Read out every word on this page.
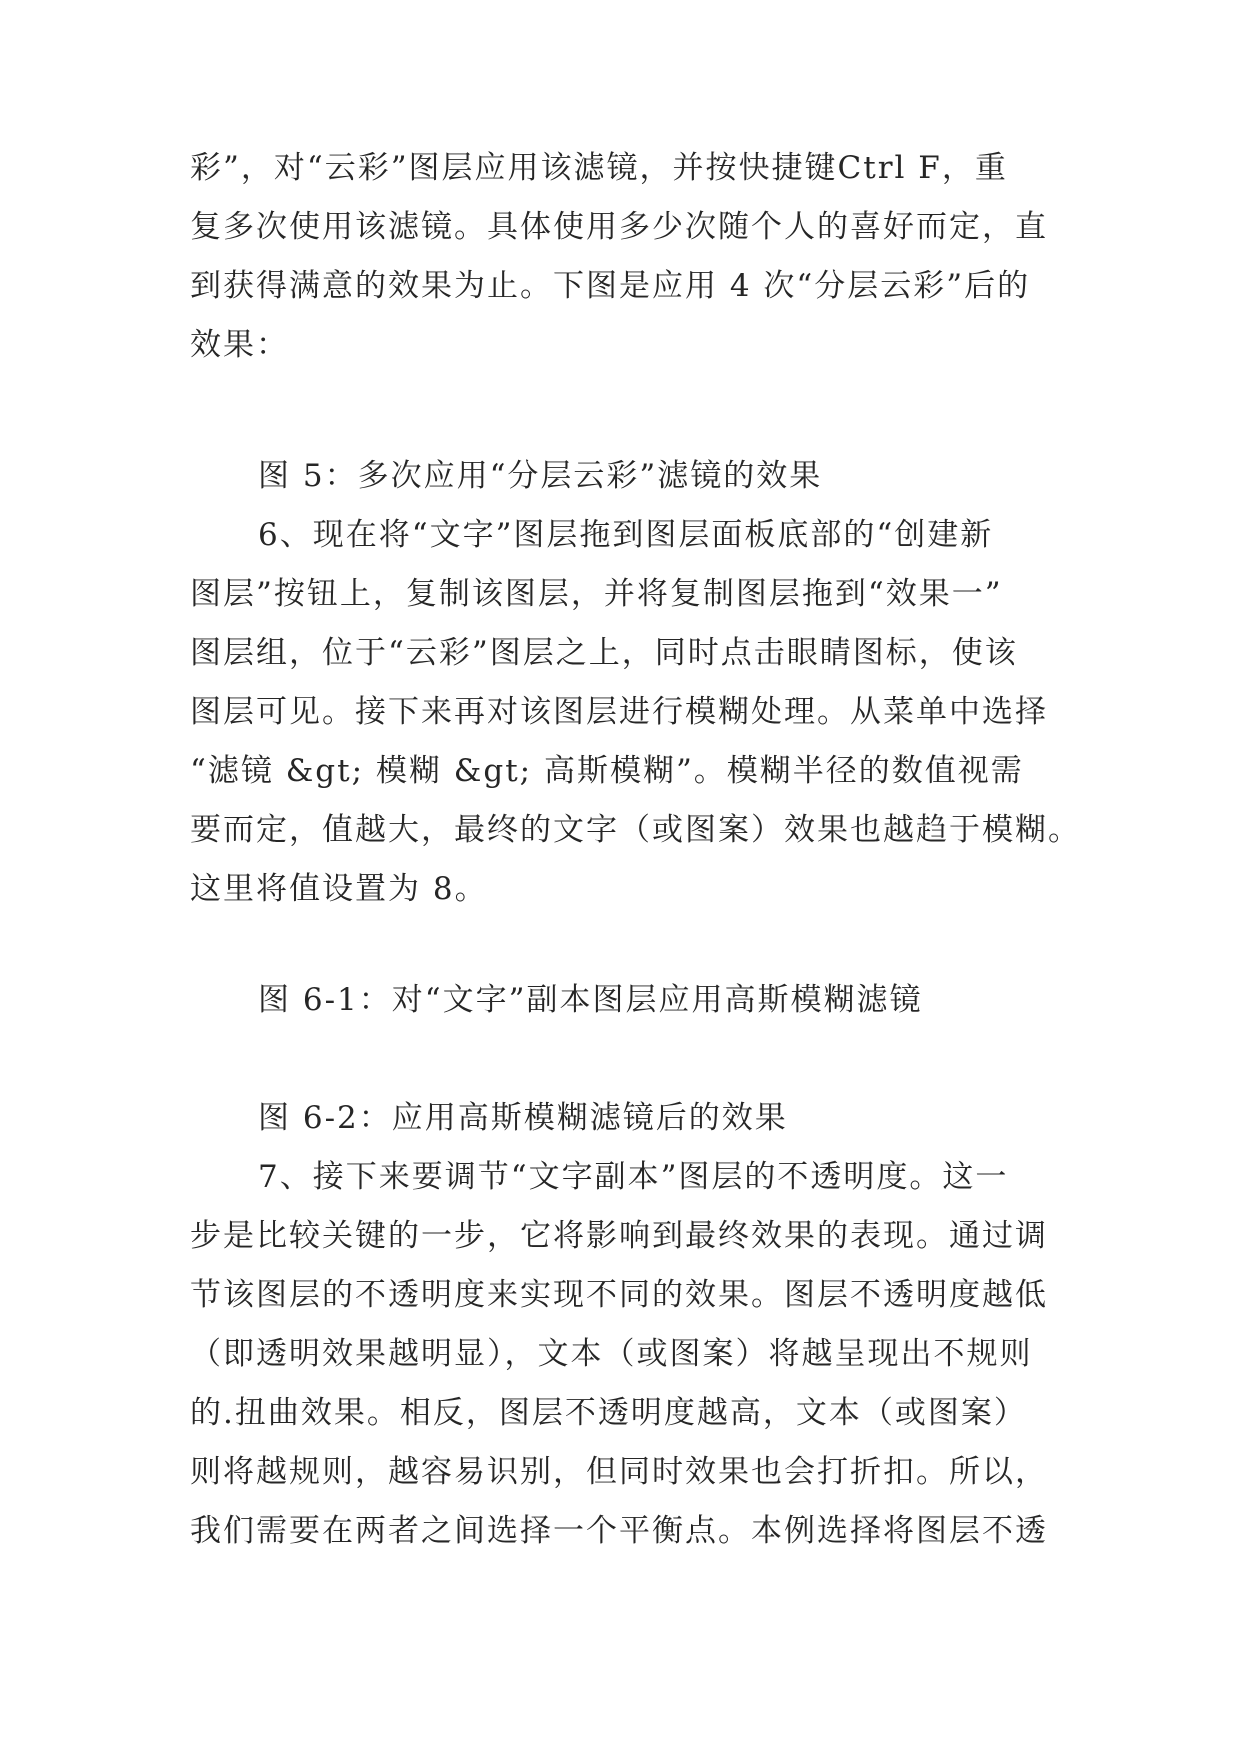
彩”，对“云彩”图层应用该滤镜，并按快捷键Ctrl F，重
复多次使用该滤镜。具体使用多少次随个人的喜好而定，直
到获得满意的效果为止。下图是应用 4 次“分层云彩”后的
效果：
图 5：多次应用“分层云彩”滤镜的效果
6、现在将“文字”图层拖到图层面板底部的“创建新
图层”按钮上，复制该图层，并将复制图层拖到“效果一”
图层组，位于“云彩”图层之上，同时点击眼睛图标，使该
图层可见。接下来再对该图层进行模糊处理。从菜单中选择
“滤镜 &gt; 模糊 &gt; 高斯模糊”。模糊半径的数值视需
要而定，值越大，最终的文字（或图案）效果也越趋于模糊。
这里将值设置为 8。
图 6-1：对“文字”副本图层应用高斯模糊滤镜
图 6-2：应用高斯模糊滤镜后的效果
7、接下来要调节“文字副本”图层的不透明度。这一
步是比较关键的一步，它将影响到最终效果的表现。通过调
节该图层的不透明度来实现不同的效果。图层不透明度越低
（即透明效果越明显），文本（或图案）将越呈现出不规则
的.扭曲效果。相反，图层不透明度越高，文本（或图案）
则将越规则，越容易识别，但同时效果也会打折扣。所以，
我们需要在两者之间选择一个平衡点。本例选择将图层不透
